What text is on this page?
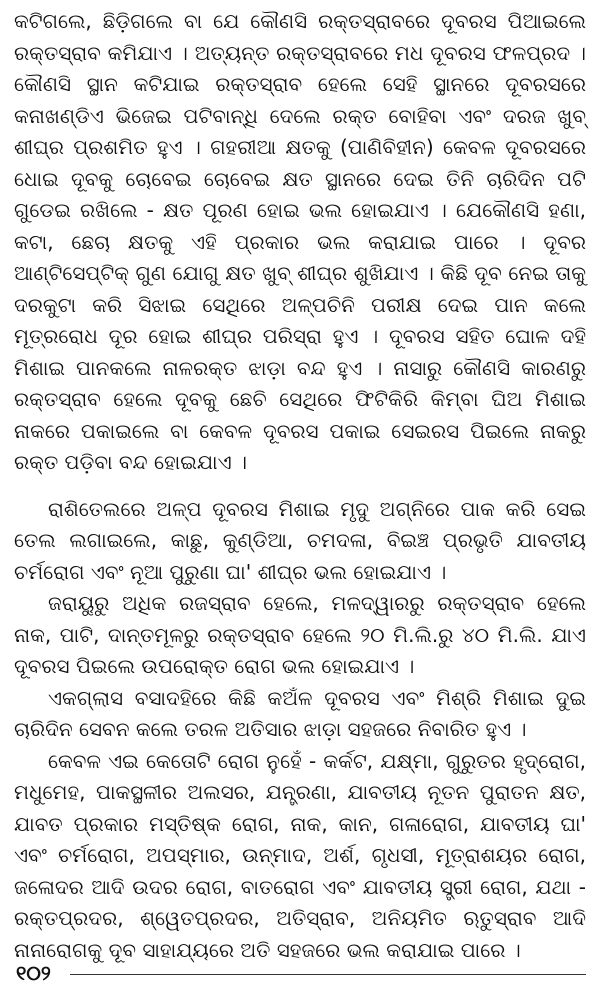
କଟିଗଲେ, ଛିଡ଼ିଗଲେ ବା ଯେ କୌଣସି ରକ୍ତସ୍ରାବରେ ଦୂବରସ ପିଆଇଲେ ରକ୍ତସ୍ରାବ କମିଯାଏ । ଅତ୍ୟନ୍ତ ରକ୍ତସ୍ରାବରେ ମଧ ଦୂବରସ ଫଳପ୍ରଦ । କୌଣସି ସ୍ଥାନ କଟିଯାଇ ରକ୍ତସ୍ରାବ ହେଲେ ସେହି ସ୍ଥାନରେ ଦୂବରସରେ କନାଖଣ୍ଡିଏ ଭିଜେଇ ପଟିବାନ୍ଧି ଦେଲେ ରକ୍ତ ବୋହିବା ଏବଂ ଦରଜ ଖୁବ୍ ଶୀଘ୍ର ପ୍ରଶମିତ ହୁଏ । ଗହରୀଆ କ୍ଷତକୁ (ପାଣିବିହୀନ) କେବଳ ଦୂବରସରେ ଧୋଇ ଦୂବକୁ ଚୋବେଇ ଚୋବେଇ କ୍ଷତ ସ୍ଥାନରେ ଦେଇ ତିନି ଚାରିଦିନ ପଟି ଗୁଡେଇ ରଖିଲେ - କ୍ଷତ ପୂରଣ ହୋଇ ଭଲ ହୋଇଯାଏ । ଯେକୌଣସି ହଣା, କଟା, ଛେଚା କ୍ଷତକୁ ଏହି ପ୍ରକାର ଭଲ କରାଯାଇ ପାରେ । ଦୂବର ଆଣ୍ଟିସେପ୍‌ଟିକ୍ ଗୁଣ ଯୋଗୁ କ୍ଷତ ଖୁବ୍ ଶୀଘ୍ର ଶୁଖିଯାଏ । କିଛି ଦୂବ ନେଇ ତାକୁ ଦରକୁଟା କରି ସିଝାଇ ସେଥିରେ ଅଳ୍ପଚିନି ପରୀକ୍ଷ ଦେଇ ପାନ କଲେ ମୂତ୍ରରୋଧ ଦୂର ହୋଇ ଶୀଘ୍ର ପରିସ୍ରା ହୁଏ । ଦୂବରସ ସହିତ ଘୋଳ ଦହି ମିଶାଇ ପାନକଲେ ନାଳରକ୍ତ ଝାଡ଼ା ବନ୍ଦ ହୁଏ । ନାସାରୁ କୌଣସି କାରଣରୁ ରକ୍ତସ୍ରାବ ହେଲେ ଦୂବକୁ ଛେଚି ସେଥିରେ ଫିଟିକିରି କିମ୍ବା ଘିଅ ମିଶାଇ ନାକରେ ପକାଇଲେ ବା କେବଳ ଦୂବରସ ପକାଇ ସେଇରସ ପିଇଲେ ନାକରୁ ରକ୍ତ ପଡ଼ିବା ବନ୍ଦ ହୋଇଯାଏ ।

ରାଶିତେଲରେ ଅଳ୍ପ ଦୂବରସ ମିଶାଇ ମୃଦୁ ଅଗ୍ନିରେ ପାକ କରି ସେଇ ତେଲ ଲଗାଇଲେ, କାଛୁ, କୁଣ୍ଡିଆ, ଚମଦଳା, ବିଇଞ୍ଚ ପ୍ରଭୃତି ଯାବତୀୟ ଚର୍ମରୋଗ ଏବଂ ନୂଆ ପୁରୁଣା ଘା' ଶୀଘ୍ର ଭଲ ହୋଇଯାଏ ।

ଜରାୟୁରୁ ଅଧିକ ରଜସ୍ରାବ ହେଲେ, ମଳଦ୍ୱାରରୁ ରକ୍ତସ୍ରାବ ହେଲେ ନାକ, ପାଟି, ଦାନ୍ତମୂଳରୁ ରକ୍ତସ୍ରାବ ହେଲେ ୨୦ ମି.ଲି.ରୁ ୪୦ ମି.ଲି. ଯାଏ ଦୂବରସ ପିଇଲେ ଉପରୋକ୍ତ ରୋଗ ଭଲ ହୋଇଯାଏ ।

ଏକଗ୍ଲାସ ବସାଦହିରେ କିଛି କଅଁଳ ଦୂବରସ ଏବଂ ମିଶ୍ରି ମିଶାଇ ଦୁଇ ଚାରିଦିନ ସେବନ କଲେ ତରଳ ଅତିସାର ଝାଡ଼ା ସହଜରେ ନିବାରିତ ହୁଏ ।

କେବଳ ଏଇ କେତୋଟି ରୋଗ ନୁହେଁ - କର୍କଟ, ଯକ୍ଷ୍ମା, ଗୁରୁତର ହୃଦ୍‌ରୋଗ, ମଧୁମେହ, ପାକସ୍ଥଳୀର ଅଲସର, ଯନ୍ତ୍ରଣା, ଯାବତୀୟ ନୂତନ ପୁରାତନ କ୍ଷତ, ଯାବତ ପ୍ରକାର ମସ୍ତିଷ୍କ ରୋଗ, ନାକ, କାନ, ଗଳାରୋଗ, ଯାବତୀୟ ଘା' ଏବଂ ଚର୍ମରୋଗ, ଅପସ୍ମାର, ଉନ୍ମାଦ, ଅର୍ଶ, ଗୃଧସୀ, ମୂତ୍ରାଶୟର ରୋଗ, ଜଳୋଦର ଆଦି ଉଦର ରୋଗ, ବାତରୋଗ ଏବଂ ଯାବତୀୟ ସ୍ତ୍ରୀ ରୋଗ, ଯଥା - ରକ୍ତପ୍ରଦର, ଶ୍ୱେତପ୍ରଦର, ଅତିସ୍ରାବ, ଅନିୟମିତ ଋତୁସ୍ରାବ ଆଦି ନାନାରୋଗକୁ ଦୂବ ସାହାଯ୍ୟରେ ଅତି ସହଜରେ ଭଲ କରାଯାଇ ପାରେ ।

୧୦୨
